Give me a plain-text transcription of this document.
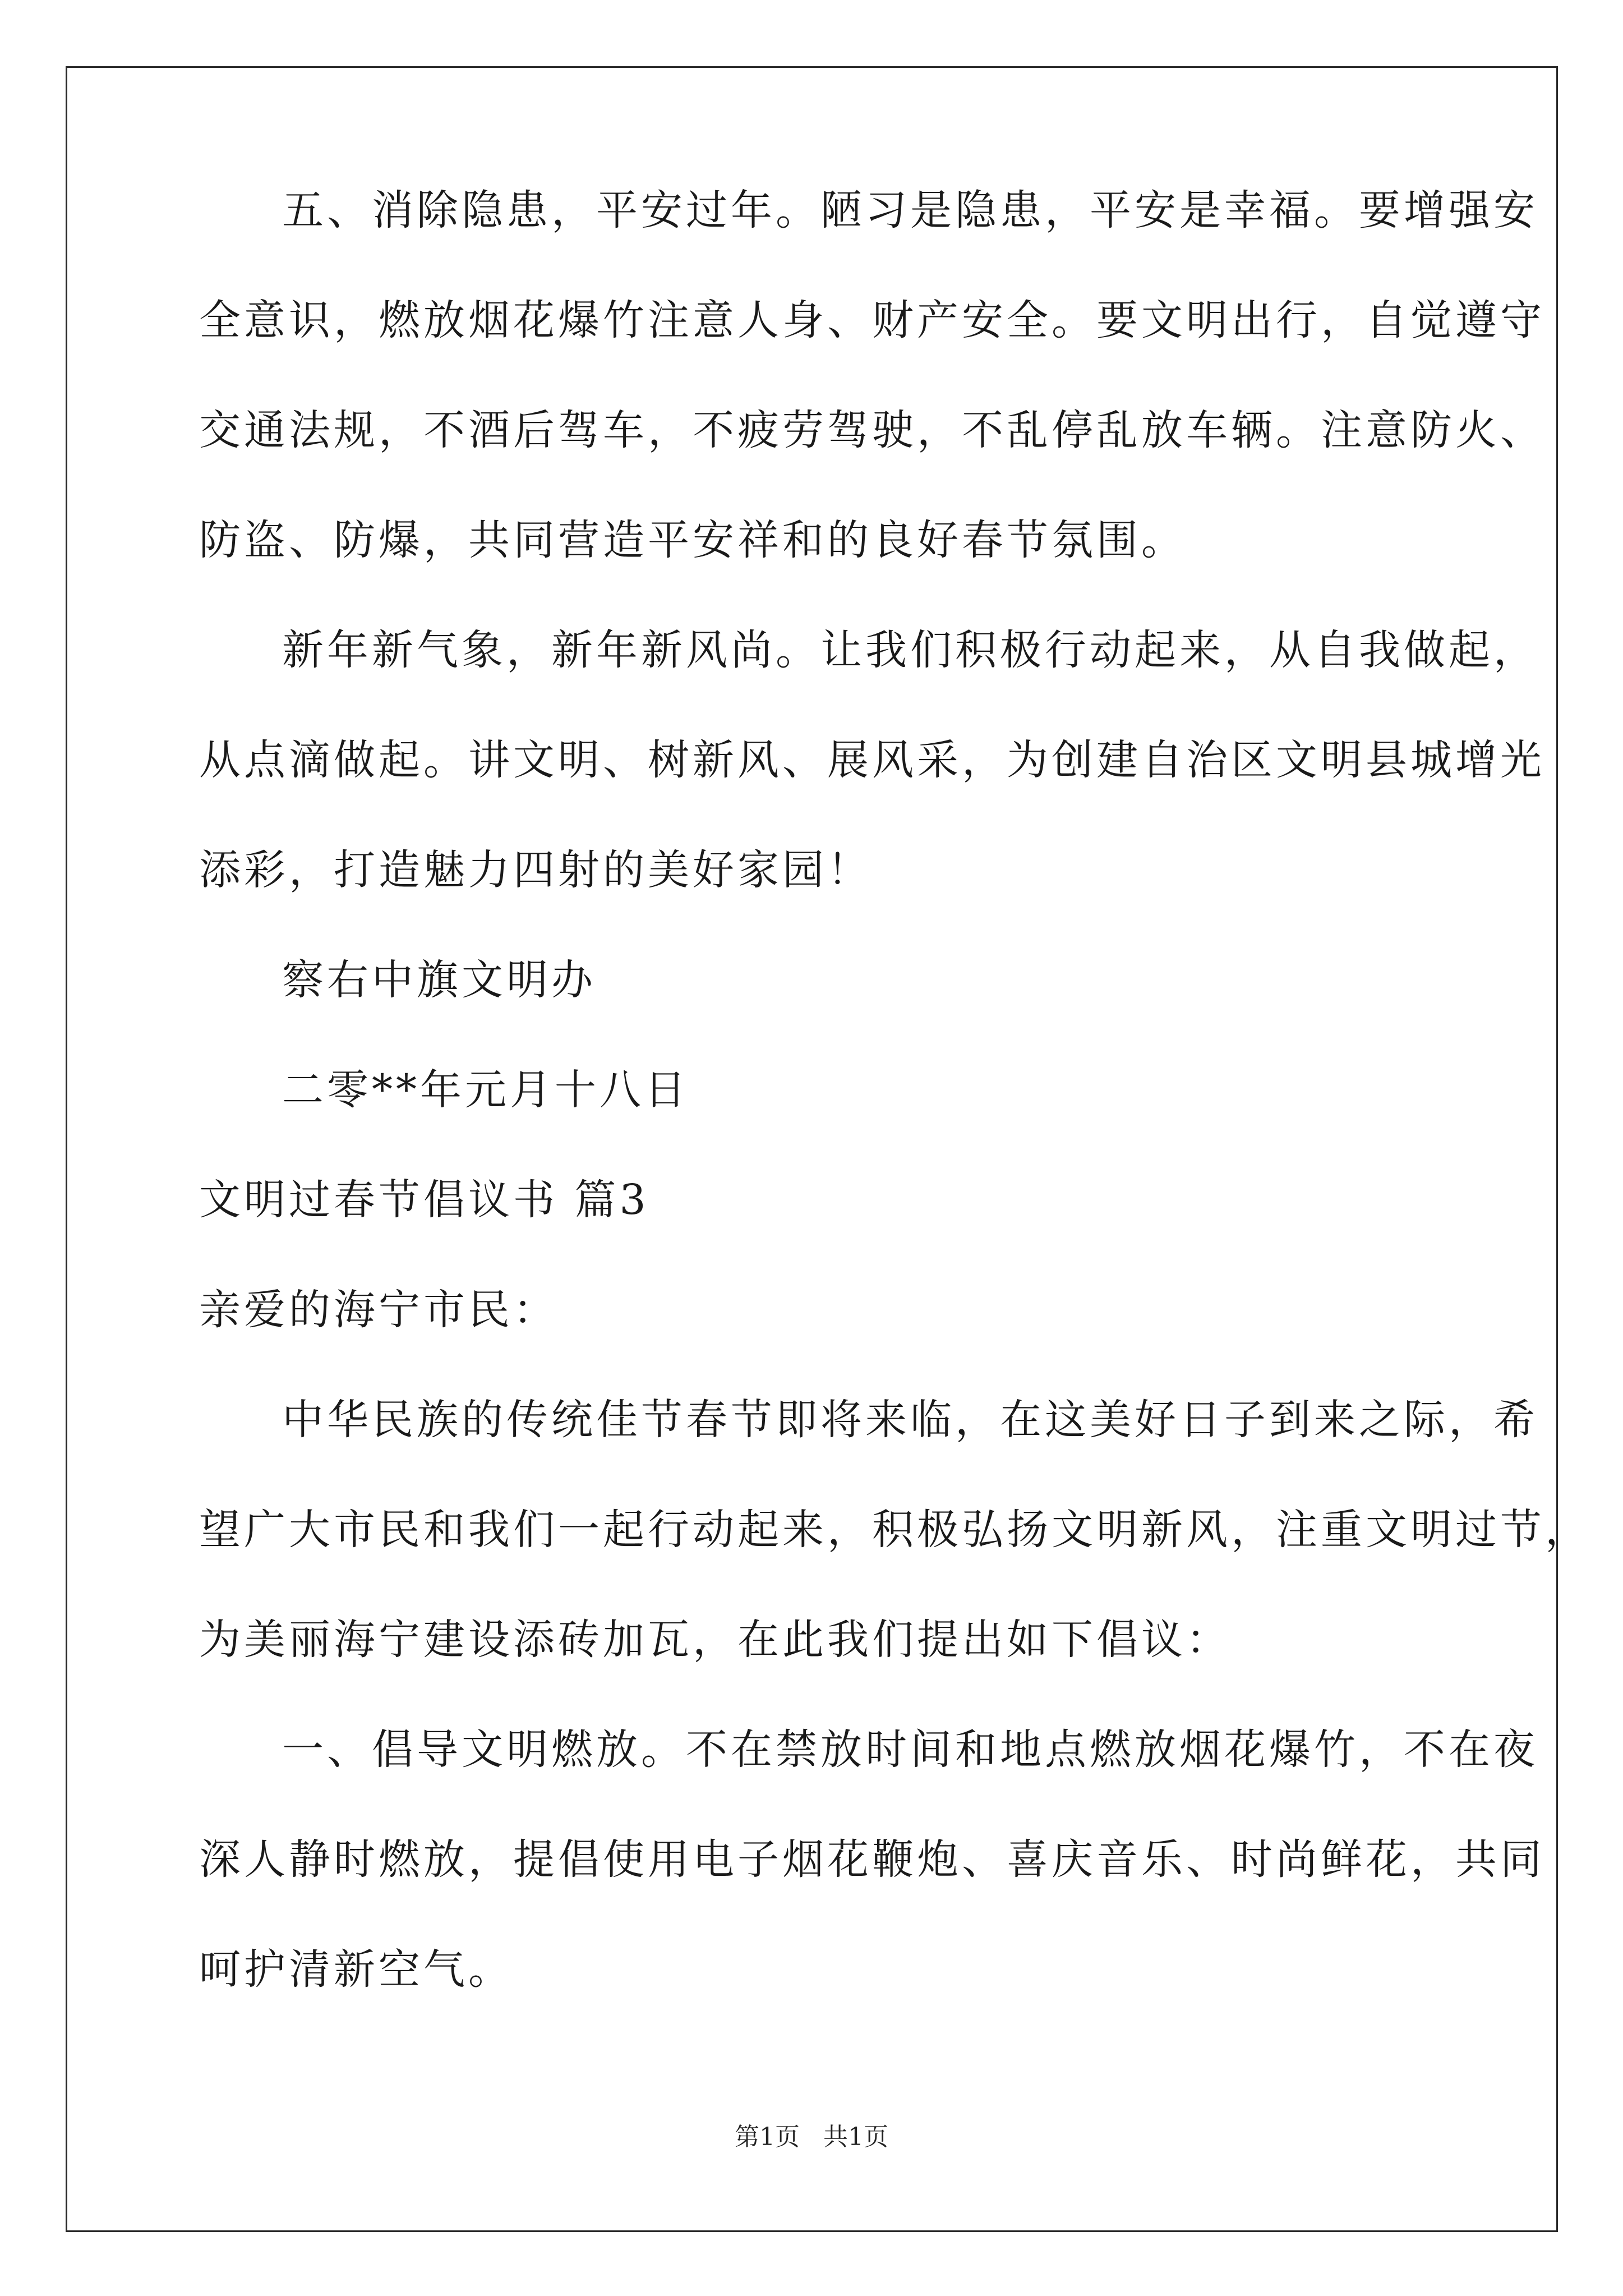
五、消除隐患，平安过年。陋习是隐患，平安是幸福。要增强安
全意识，燃放烟花爆竹注意人身、财产安全。要文明出行，自觉遵守
交通法规，不酒后驾车，不疲劳驾驶，不乱停乱放车辆。注意防火、
防盗、防爆，共同营造平安祥和的良好春节氛围。
新年新气象，新年新风尚。让我们积极行动起来，从自我做起，
从点滴做起。讲文明、树新风、展风采，为创建自治区文明县城增光
添彩，打造魅力四射的美好家园！
察右中旗文明办
二零**年元月十八日
文明过春节倡议书 篇3
亲爱的海宁市民：
中华民族的传统佳节春节即将来临，在这美好日子到来之际，希
望广大市民和我们一起行动起来，积极弘扬文明新风，注重文明过节，
为美丽海宁建设添砖加瓦，在此我们提出如下倡议：
一、倡导文明燃放。不在禁放时间和地点燃放烟花爆竹，不在夜
深人静时燃放，提倡使用电子烟花鞭炮、喜庆音乐、时尚鲜花，共同
呵护清新空气。
第1页   共1页
